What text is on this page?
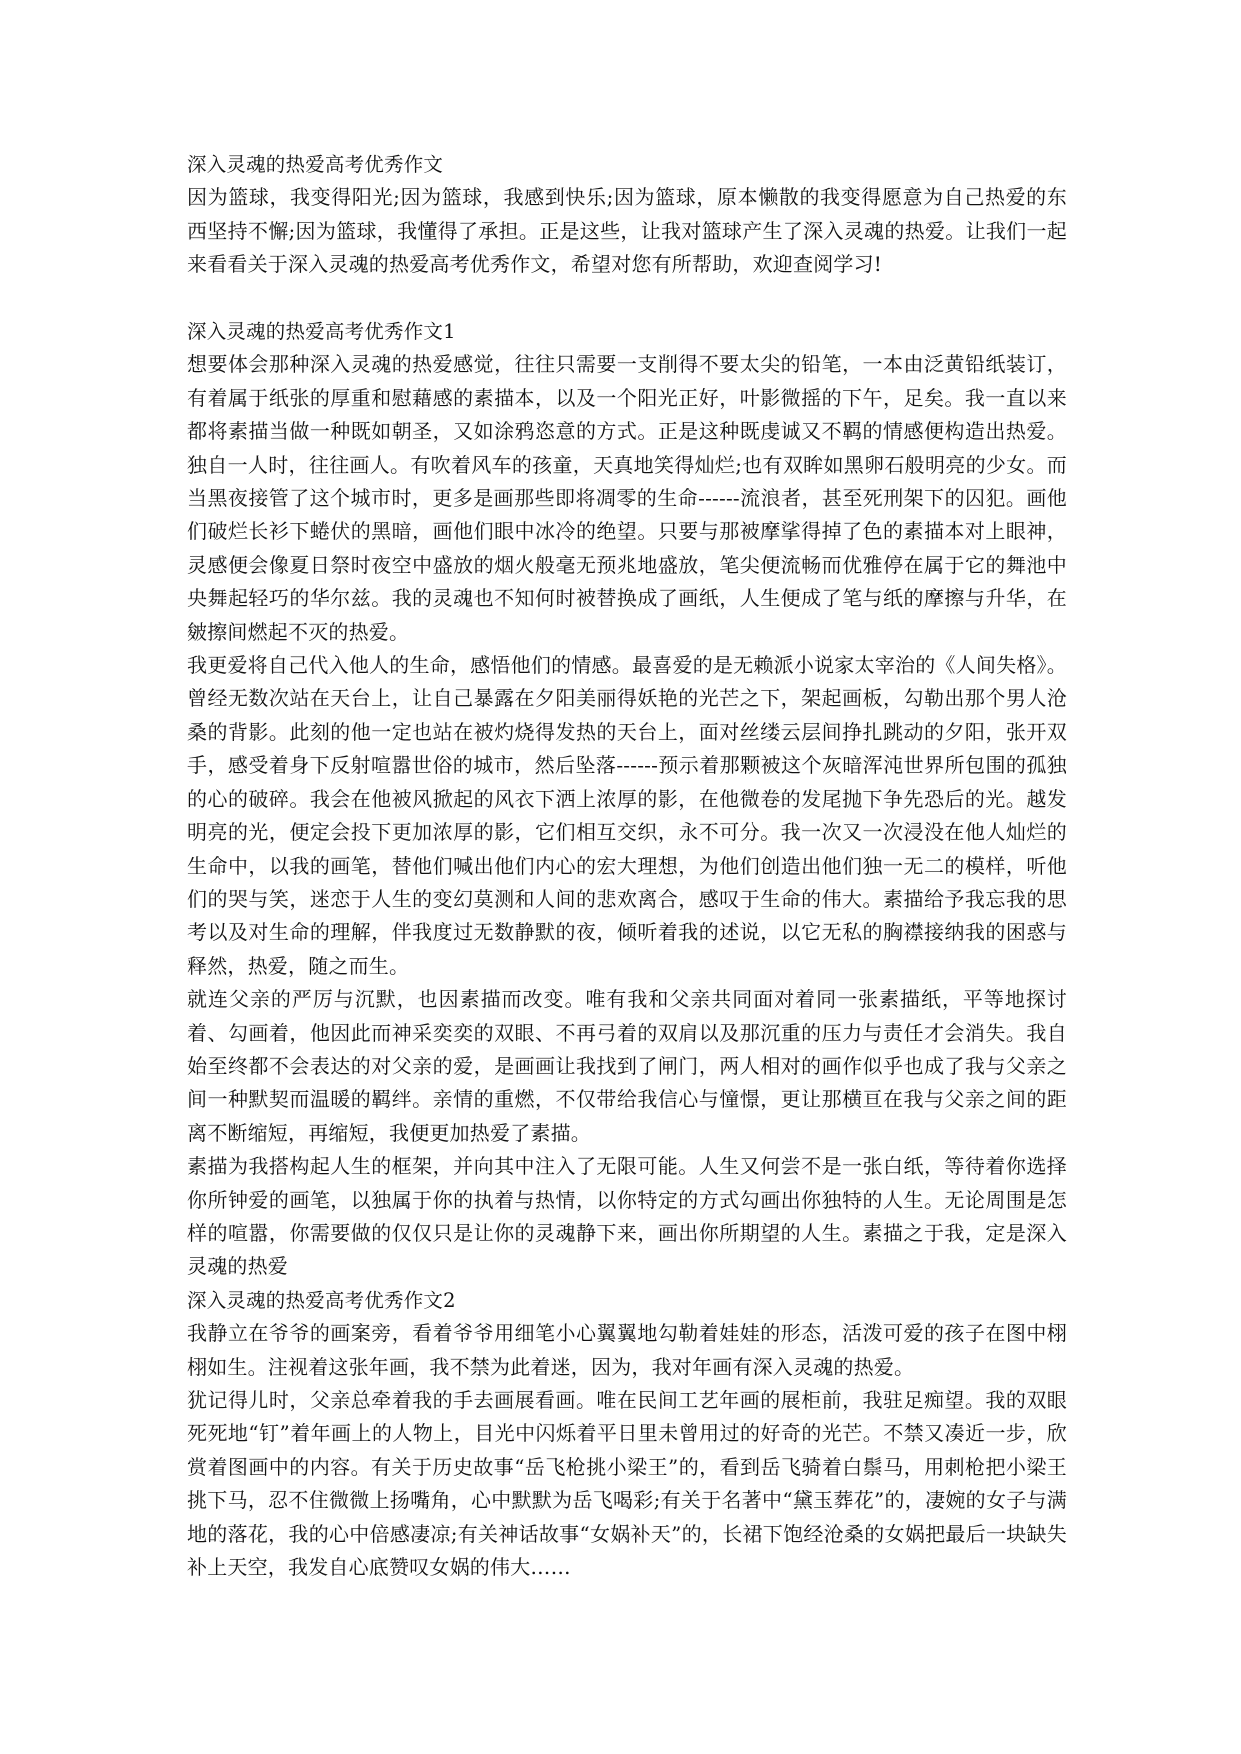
深入灵魂的热爱高考优秀作文

因为篮球，我变得阳光;因为篮球，我感到快乐;因为篮球，原本懒散的我变得愿意为自己热爱的东西坚持不懈;因为篮球，我懂得了承担。正是这些，让我对篮球产生了深入灵魂的热爱。让我们一起来看看关于深入灵魂的热爱高考优秀作文，希望对您有所帮助，欢迎查阅学习!

深入灵魂的热爱高考优秀作文1

想要体会那种深入灵魂的热爱感觉，往往只需要一支削得不要太尖的铅笔，一本由泛黄铅纸装订，有着属于纸张的厚重和慰藉感的素描本，以及一个阳光正好，叶影微摇的下午，足矣。我一直以来都将素描当做一种既如朝圣，又如涂鸦恣意的方式。正是这种既虔诚又不羁的情感便构造出热爱。独自一人时，往往画人。有吹着风车的孩童，天真地笑得灿烂;也有双眸如黑卵石般明亮的少女。而当黑夜接管了这个城市时，更多是画那些即将凋零的生命------流浪者，甚至死刑架下的囚犯。画他们破烂长衫下蜷伏的黑暗，画他们眼中冰冷的绝望。只要与那被摩挲得掉了色的素描本对上眼神，灵感便会像夏日祭时夜空中盛放的烟火般毫无预兆地盛放，笔尖便流畅而优雅停在属于它的舞池中央舞起轻巧的华尔兹。我的灵魂也不知何时被替换成了画纸，人生便成了笔与纸的摩擦与升华，在皴擦间燃起不灭的热爱。

我更爱将自己代入他人的生命，感悟他们的情感。最喜爱的是无赖派小说家太宰治的《人间失格》。曾经无数次站在天台上，让自己暴露在夕阳美丽得妖艳的光芒之下，架起画板，勾勒出那个男人沧桑的背影。此刻的他一定也站在被灼烧得发热的天台上，面对丝缕云层间挣扎跳动的夕阳，张开双手，感受着身下反射喧嚣世俗的城市，然后坠落------预示着那颗被这个灰暗浑沌世界所包围的孤独的心的破碎。我会在他被风掀起的风衣下洒上浓厚的影，在他微卷的发尾抛下争先恐后的光。越发明亮的光，便定会投下更加浓厚的影，它们相互交织，永不可分。我一次又一次浸没在他人灿烂的生命中，以我的画笔，替他们喊出他们内心的宏大理想，为他们创造出他们独一无二的模样，听他们的哭与笑，迷恋于人生的变幻莫测和人间的悲欢离合，感叹于生命的伟大。素描给予我忘我的思考以及对生命的理解，伴我度过无数静默的夜，倾听着我的述说，以它无私的胸襟接纳我的困惑与释然，热爱，随之而生。

就连父亲的严厉与沉默，也因素描而改变。唯有我和父亲共同面对着同一张素描纸，平等地探讨着、勾画着，他因此而神采奕奕的双眼、不再弓着的双肩以及那沉重的压力与责任才会消失。我自始至终都不会表达的对父亲的爱，是画画让我找到了闸门，两人相对的画作似乎也成了我与父亲之间一种默契而温暖的羁绊。亲情的重燃，不仅带给我信心与憧憬，更让那横亘在我与父亲之间的距离不断缩短，再缩短，我便更加热爱了素描。

素描为我搭构起人生的框架，并向其中注入了无限可能。人生又何尝不是一张白纸，等待着你选择你所钟爱的画笔，以独属于你的执着与热情，以你特定的方式勾画出你独特的人生。无论周围是怎样的喧嚣，你需要做的仅仅只是让你的灵魂静下来，画出你所期望的人生。素描之于我，定是深入灵魂的热爱

深入灵魂的热爱高考优秀作文2

我静立在爷爷的画案旁，看着爷爷用细笔小心翼翼地勾勒着娃娃的形态，活泼可爱的孩子在图中栩栩如生。注视着这张年画，我不禁为此着迷，因为，我对年画有深入灵魂的热爱。

犹记得儿时，父亲总牵着我的手去画展看画。唯在民间工艺年画的展柜前，我驻足痴望。我的双眼死死地“钉”着年画上的人物上，目光中闪烁着平日里未曾用过的好奇的光芒。不禁又凑近一步，欣赏着图画中的内容。有关于历史故事“岳飞枪挑小梁王”的，看到岳飞骑着白鬃马，用刺枪把小梁王挑下马，忍不住微微上扬嘴角，心中默默为岳飞喝彩;有关于名著中“黛玉葬花”的，凄婉的女子与满地的落花，我的心中倍感凄凉;有关神话故事“女娲补天”的，长裙下饱经沧桑的女娲把最后一块缺失补上天空，我发自心底赞叹女娲的伟大……
